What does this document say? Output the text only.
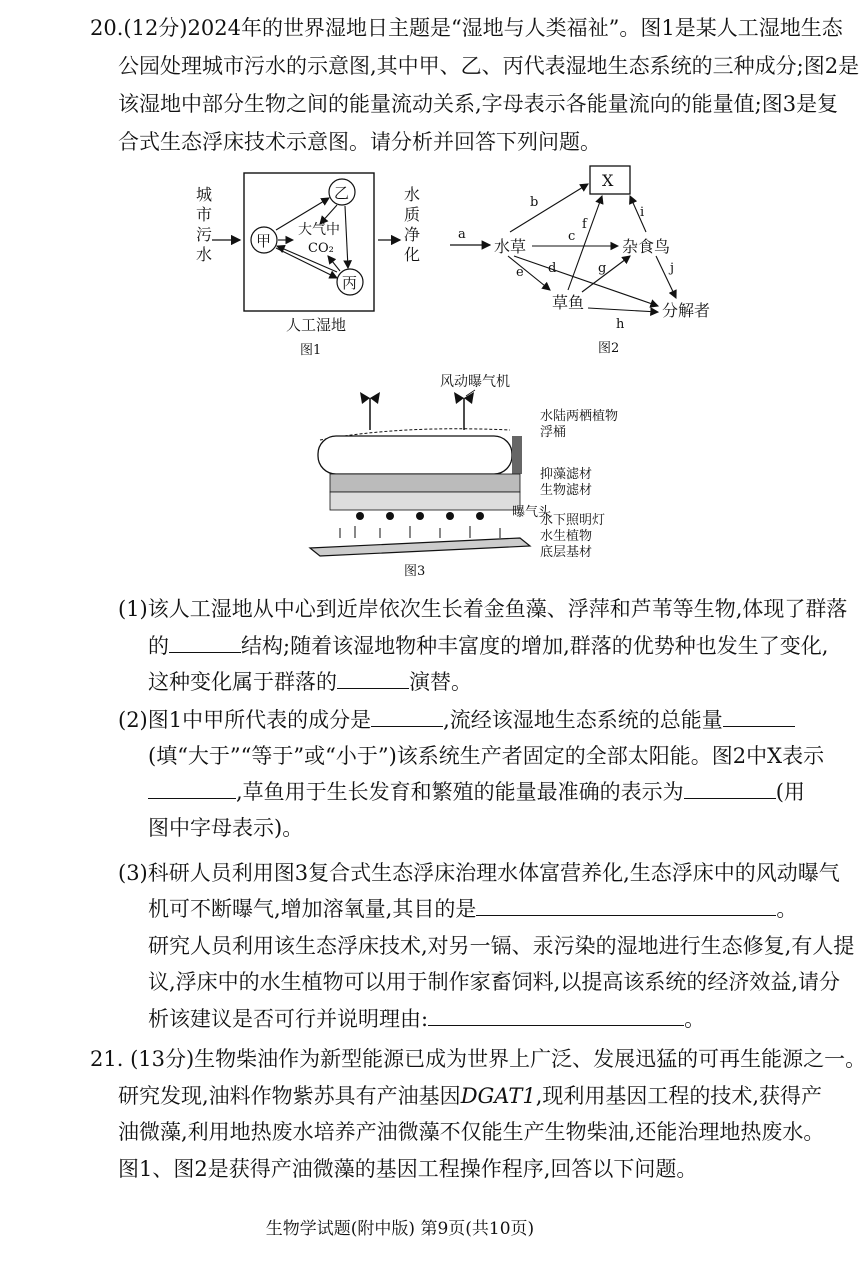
20.(12分)2024年的世界湿地日主题是“湿地与人类福祉”。图1是某人工湿地生态
公园处理城市污水的示意图,其中甲、乙、丙代表湿地生态系统的三种成分;图2是
该湿地中部分生物之间的能量流动关系,字母表示各能量流向的能量值;图3是复
合式生态浮床技术示意图。请分析并回答下列问题。
城市污水
甲
乙
丙
大气中
CO₂
人工湿地
图1
水质净化
X
水草	杂食鸟
草鱼	分解者
a
b
c
d
e
f
g
h
i
j
图2
风动曝气机
水陆两栖植物
浮桶
抑藻滤材
生物滤材
曝气头
水下照明灯
水生植物
底层基材
图3
(1)该人工湿地从中心到近岸依次生长着金鱼藻、浮萍和芦苇等生物,体现了群落
的	结构;随着该湿地物种丰富度的增加,群落的优势种也发生了变化,
这种变化属于群落的	演替。
(2)图1中甲所代表的成分是	,流经该湿地生态系统的总能量
(填“大于”“等于”或“小于”)该系统生产者固定的全部太阳能。图2中X表示
,草鱼用于生长发育和繁殖的能量最准确的表示为	(用
图中字母表示)。
(3)科研人员利用图3复合式生态浮床治理水体富营养化,生态浮床中的风动曝气
机可不断曝气,增加溶氧量,其目的是	。
研究人员利用该生态浮床技术,对另一镉、汞污染的湿地进行生态修复,有人提
议,浮床中的水生植物可以用于制作家畜饲料,以提高该系统的经济效益,请分
析该建议是否可行并说明理由:	。
21. (13分)生物柴油作为新型能源已成为世界上广泛、发展迅猛的可再生能源之一。
研究发现,油料作物紫苏具有产油基因DGAT1,现利用基因工程的技术,获得产
油微藻,利用地热废水培养产油微藻不仅能生产生物柴油,还能治理地热废水。
图1、图2是获得产油微藻的基因工程操作程序,回答以下问题。
生物学试题(附中版) 第9页(共10页)
